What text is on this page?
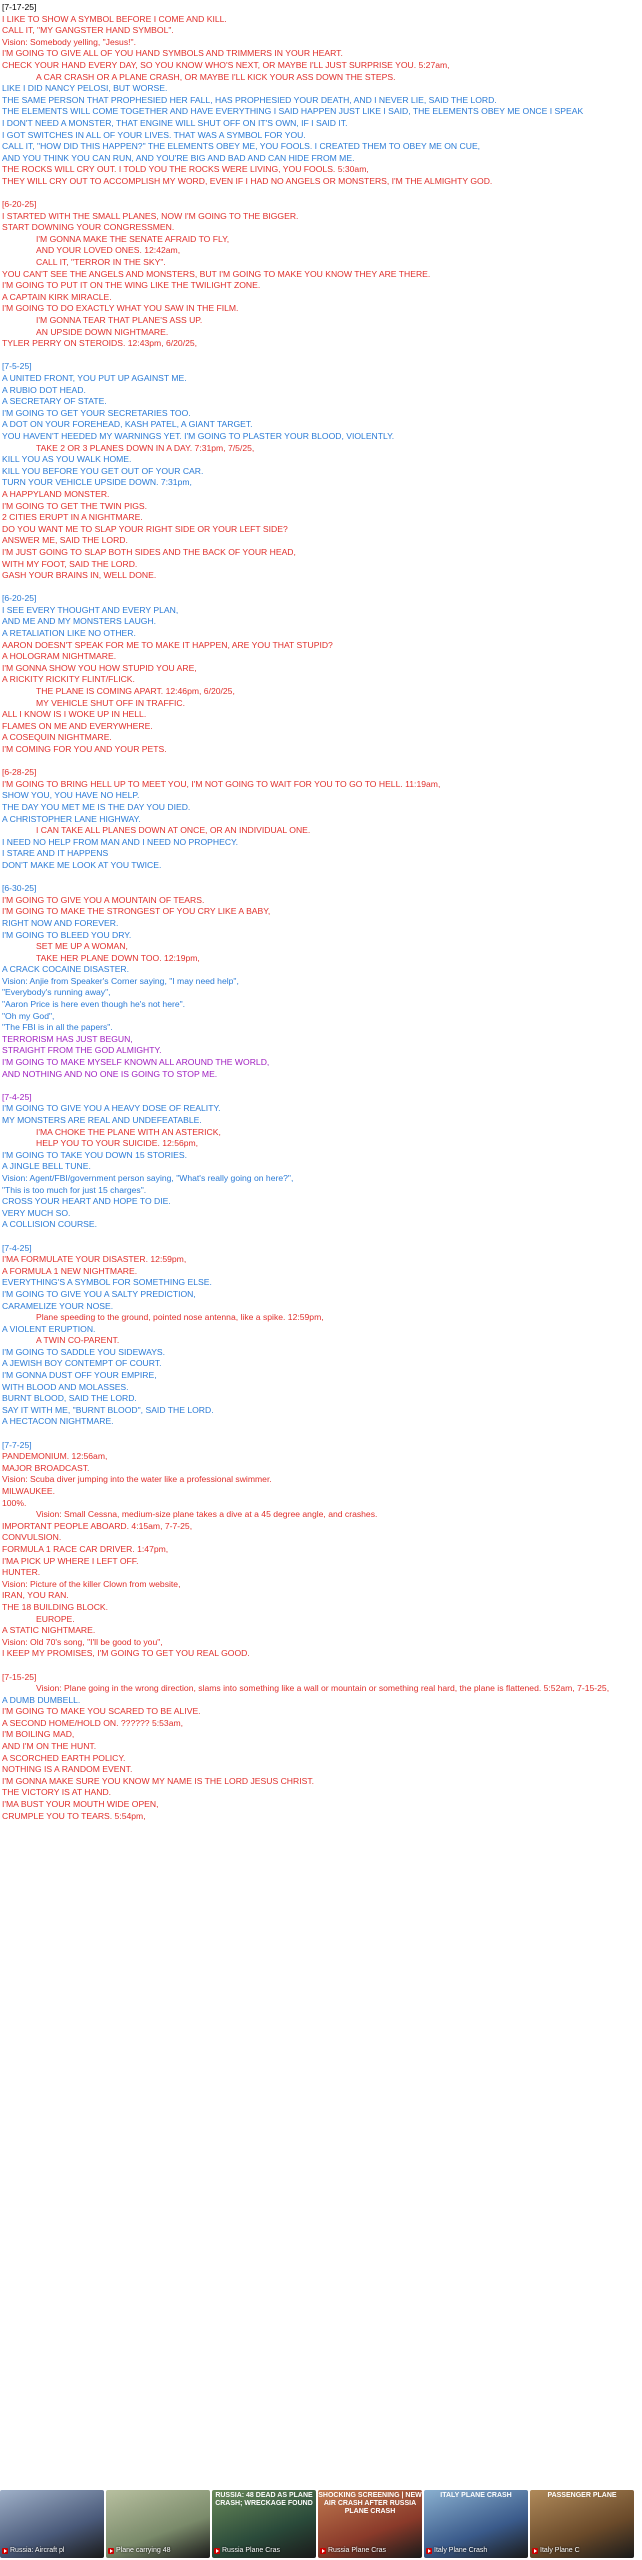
[7-17-25]
I LIKE TO SHOW A SYMBOL BEFORE I COME AND KILL.
CALL IT, "MY GANGSTER HAND SYMBOL".
Vision: Somebody yelling, "Jesus!".
I'M GOING TO GIVE ALL OF YOU HAND SYMBOLS AND TRIMMERS IN YOUR HEART.
CHECK YOUR HAND EVERY DAY, SO YOU KNOW WHO'S NEXT, OR MAYBE I'LL JUST SURPRISE YOU. 5:27am,
• A CAR CRASH OR A PLANE CRASH, OR MAYBE I'LL KICK YOUR ASS DOWN THE STEPS.
LIKE I DID NANCY PELOSI, BUT WORSE.
THE SAME PERSON THAT PROPHESIED HER FALL, HAS PROPHESIED YOUR DEATH, AND I NEVER LIE, SAID THE LORD.
THE ELEMENTS WILL COME TOGETHER AND HAVE EVERYTHING I SAID HAPPEN JUST LIKE I SAID, THE ELEMENTS OBEY ME ONCE I SPEAK
I DON'T NEED A MONSTER, THAT ENGINE WILL SHUT OFF ON IT'S OWN, IF I SAID IT.
I GOT SWITCHES IN ALL OF YOUR LIVES. THAT WAS A SYMBOL FOR YOU.
CALL IT, "HOW DID THIS HAPPEN?" THE ELEMENTS OBEY ME, YOU FOOLS. I CREATED THEM TO OBEY ME ON CUE,
AND YOU THINK YOU CAN RUN, AND YOU'RE BIG AND BAD AND CAN HIDE FROM ME.
THE ROCKS WILL CRY OUT. I TOLD YOU THE ROCKS WERE LIVING, YOU FOOLS. 5:30am,
THEY WILL CRY OUT TO ACCOMPLISH MY WORD, EVEN IF I HAD NO ANGELS OR MONSTERS, I'M THE ALMIGHTY GOD.
[6-20-25]
I STARTED WITH THE SMALL PLANES, NOW I'M GOING TO THE BIGGER.
START DOWNING YOUR CONGRESSMEN.
• I'M GONNA MAKE THE SENATE AFRAID TO FLY,
• AND YOUR LOVED ONES. 12:42am,
• CALL IT, "TERROR IN THE SKY".
YOU CAN'T SEE THE ANGELS AND MONSTERS, BUT I'M GOING TO MAKE YOU KNOW THEY ARE THERE.
I'M GOING TO PUT IT ON THE WING LIKE THE TWILIGHT ZONE.
A CAPTAIN KIRK MIRACLE.
I'M GOING TO DO EXACTLY WHAT YOU SAW IN THE FILM.
• I'M GONNA TEAR THAT PLANE'S ASS UP.
• AN UPSIDE DOWN NIGHTMARE.
TYLER PERRY ON STEROIDS. 12:43pm, 6/20/25,
[7-5-25]
A UNITED FRONT, YOU PUT UP AGAINST ME.
A RUBIO DOT HEAD.
A SECRETARY OF STATE.
I'M GOING TO GET YOUR SECRETARIES TOO.
A DOT ON YOUR FOREHEAD, KASH PATEL, A GIANT TARGET.
YOU HAVEN'T HEEDED MY WARNINGS YET. I'M GOING TO PLASTER YOUR BLOOD, VIOLENTLY.
• TAKE 2 OR 3 PLANES DOWN IN A DAY. 7:31pm, 7/5/25,
KILL YOU AS YOU WALK HOME.
KILL YOU BEFORE YOU GET OUT OF YOUR CAR.
TURN YOUR VEHICLE UPSIDE DOWN. 7:31pm,
A HAPPYLAND MONSTER.
I'M GOING TO GET THE TWIN PIGS.
2 CITIES ERUPT IN A NIGHTMARE.
DO YOU WANT ME TO SLAP YOUR RIGHT SIDE OR YOUR LEFT SIDE?
ANSWER ME, SAID THE LORD.
I'M JUST GOING TO SLAP BOTH SIDES AND THE BACK OF YOUR HEAD,
WITH MY FOOT, SAID THE LORD.
GASH YOUR BRAINS IN, WELL DONE.
[6-20-25]
I SEE EVERY THOUGHT AND EVERY PLAN,
AND ME AND MY MONSTERS LAUGH.
A RETALIATION LIKE NO OTHER.
AARON DOESN'T SPEAK FOR ME TO MAKE IT HAPPEN, ARE YOU THAT STUPID?
A HOLOGRAM NIGHTMARE.
I'M GONNA SHOW YOU HOW STUPID YOU ARE,
A RICKITY RICKITY FLINT/FLICK.
• THE PLANE IS COMING APART. 12:46pm, 6/20/25,
• MY VEHICLE SHUT OFF IN TRAFFIC.
ALL I KNOW IS I WOKE UP IN HELL.
FLAMES ON ME AND EVERYWHERE.
A COSEQUIN NIGHTMARE.
I'M COMING FOR YOU AND YOUR PETS.
[6-28-25]
I'M GOING TO BRING HELL UP TO MEET YOU, I'M NOT GOING TO WAIT FOR YOU TO GO TO HELL. 11:19am,
SHOW YOU, YOU HAVE NO HELP.
THE DAY YOU MET ME IS THE DAY YOU DIED.
A CHRISTOPHER LANE HIGHWAY.
• I CAN TAKE ALL PLANES DOWN AT ONCE, OR AN INDIVIDUAL ONE.
I NEED NO HELP FROM MAN AND I NEED NO PROPHECY.
I STARE AND IT HAPPENS
DON'T MAKE ME LOOK AT YOU TWICE.
[6-30-25]
I'M GOING TO GIVE YOU A MOUNTAIN OF TEARS.
I'M GOING TO MAKE THE STRONGEST OF YOU CRY LIKE A BABY,
RIGHT NOW AND FOREVER.
I'M GOING TO BLEED YOU DRY.
• SET ME UP A WOMAN,
• TAKE HER PLANE DOWN TOO. 12:19pm,
A CRACK COCAINE DISASTER.
Vision: Anjie from Speaker's Corner saying, "I may need help",
"Everybody's running away",
"Aaron Price is here even though he's not here".
"Oh my God",
"The FBI is in all the papers".
TERRORISM HAS JUST BEGUN,
STRAIGHT FROM THE GOD ALMIGHTY.
I'M GOING TO MAKE MYSELF KNOWN ALL AROUND THE WORLD,
AND NOTHING AND NO ONE IS GOING TO STOP ME.
[7-4-25]
I'M GOING TO GIVE YOU A HEAVY DOSE OF REALITY.
MY MONSTERS ARE REAL AND UNDEFEATABLE.
• I'MA CHOKE THE PLANE WITH AN ASTERICK,
• HELP YOU TO YOUR SUICIDE. 12:56pm,
I'M GOING TO TAKE YOU DOWN 15 STORIES.
A JINGLE BELL TUNE.
Vision: Agent/FBI/government person saying, "What's really going on here?",
"This is too much for just 15 charges".
CROSS YOUR HEART AND HOPE TO DIE.
VERY MUCH SO.
A COLLISION COURSE.
[7-4-25]
I'MA FORMULATE YOUR DISASTER. 12:59pm,
A FORMULA 1 NEW NIGHTMARE.
EVERYTHING'S A SYMBOL FOR SOMETHING ELSE.
I'M GOING TO GIVE YOU A SALTY PREDICTION,
CARAMELIZE YOUR NOSE.
• Plane speeding to the ground, pointed nose antenna, like a spike. 12:59pm,
A VIOLENT ERUPTION.
• A TWIN CO-PARENT.
I'M GOING TO SADDLE YOU SIDEWAYS.
A JEWISH BOY CONTEMPT OF COURT.
I'M GONNA DUST OFF YOUR EMPIRE,
WITH BLOOD AND MOLASSES.
BURNT BLOOD, SAID THE LORD.
SAY IT WITH ME, "BURNT BLOOD", SAID THE LORD.
A HECTACON NIGHTMARE.
[7-7-25]
PANDEMONIUM. 12:56am,
MAJOR BROADCAST.
Vision: Scuba diver jumping into the water like a professional swimmer.
MILWAUKEE.
100%.
• Vision: Small Cessna, medium-size plane takes a dive at a 45 degree angle, and crashes.
IMPORTANT PEOPLE ABOARD. 4:15am, 7-7-25,
CONVULSION.
FORMULA 1 RACE CAR DRIVER. 1:47pm,
I'MA PICK UP WHERE I LEFT OFF.
HUNTER.
Vision: Picture of the killer Clown from website,
IRAN, YOU RAN.
THE 18 BUILDING BLOCK.
• EUROPE.
A STATIC NIGHTMARE.
Vision: Old 70's song, "I'll be good to you",
I KEEP MY PROMISES, I'M GOING TO GET YOU REAL GOOD.
[7-15-25]
• Vision: Plane going in the wrong direction, slams into something like a wall or mountain or something real hard, the plane is flattened. 5:52am, 7-15-25,
A DUMB DUMBELL.
I'M GOING TO MAKE YOU SCARED TO BE ALIVE.
A SECOND HOME/HOLD ON. ?????? 5:53am,
I'M BOILING MAD,
AND I'M ON THE HUNT.
A SCORCHED EARTH POLICY.
NOTHING IS A RANDOM EVENT.
I'M GONNA MAKE SURE YOU KNOW MY NAME IS THE LORD JESUS CHRIST.
THE VICTORY IS AT HAND.
I'MA BUST YOUR MOUTH WIDE OPEN,
CRUMPLE YOU TO TEARS. 5:54pm,
Russia: Aircraft pl	Plane carrying 48
RUSSIA: 48 DEAD AS PLANE CRASH; WRECKAGE FOUND
Russia Plane Cras
SHOCKING SCREENING | NEW AIR CRASH AFTER RUSSIA PLANE CRASH
Russia Plane Cras
ITALY PLANE CRASH
Italy Plane Crash
PASSENGER PLANE
Italy Plane C
